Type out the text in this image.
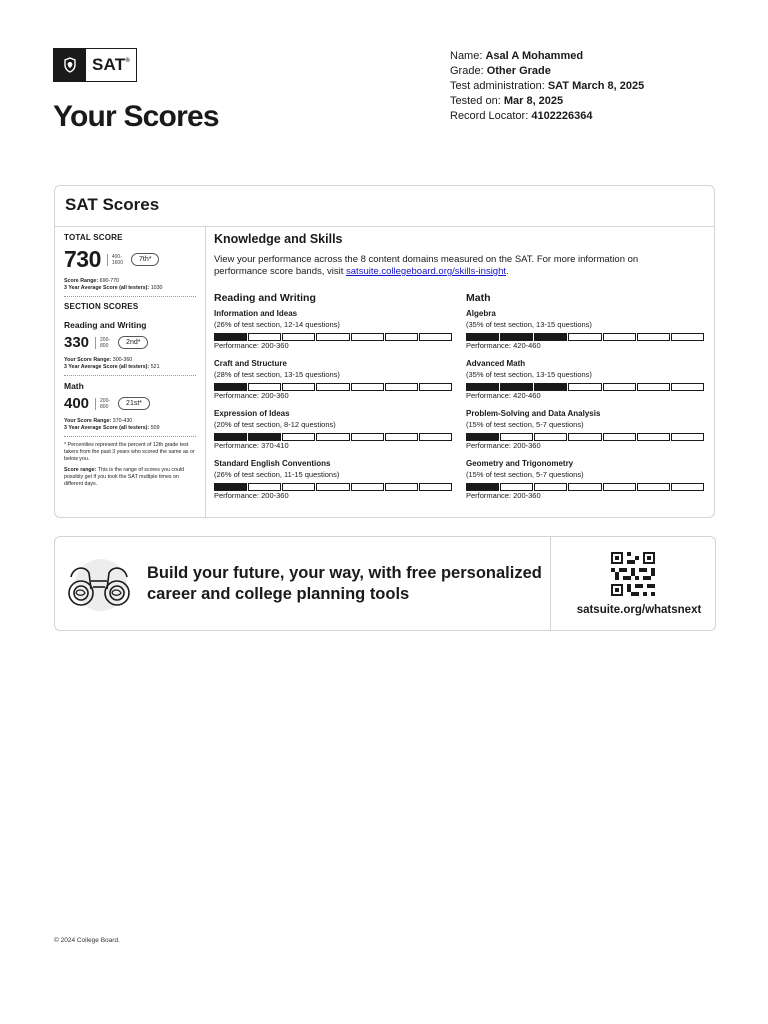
SAT®
Your Scores
Name: Asal A Mohammed
Grade: Other Grade
Test administration: SAT March 8, 2025
Tested on: Mar 8, 2025
Record Locator: 4102226364
SAT Scores
TOTAL SCORE
730	400-
1600	7th*
Score Range: 690-770
3 Year Average Score (all testers): 1030
SECTION SCORES
Reading and Writing
330	200-
800	2nd*
Your Score Range: 300-360
3 Year Average Score (all testers): 521
Math
400	200-
800	21st*
Your Score Range: 370-430
3 Year Average Score (all testers): 509
* Percentiles represent the percent of 12th grade test takers from the past 3 years who scored the same as or below you.
Score range: This is the range of scores you could possibly get if you took the SAT multiple times on different days.
Knowledge and Skills
View your performance across the 8 content domains measured on the SAT. For more information on performance score bands, visit satsuite.collegeboard.org/skills-insight.
Reading and Writing
Information and Ideas
(26% of test section, 12-14 questions)
Performance: 200-360
Craft and Structure
(28% of test section, 13-15 questions)
Performance: 200-360
Expression of Ideas
(20% of test section, 8-12 questions)
Performance: 370-410
Standard English Conventions
(26% of test section, 11-15 questions)
Performance: 200-360
Math
Algebra
(35% of test section, 13-15 questions)
Performance: 420-460
Advanced Math
(35% of test section, 13-15 questions)
Performance: 420-460
Problem-Solving and Data Analysis
(15% of test section, 5-7 questions)
Performance: 200-360
Geometry and Trigonometry
(15% of test section, 5-7 questions)
Performance: 200-360

Build your future, your way, with free personalized career and college planning tools

satsuite.org/whatsnext
© 2024 College Board.
